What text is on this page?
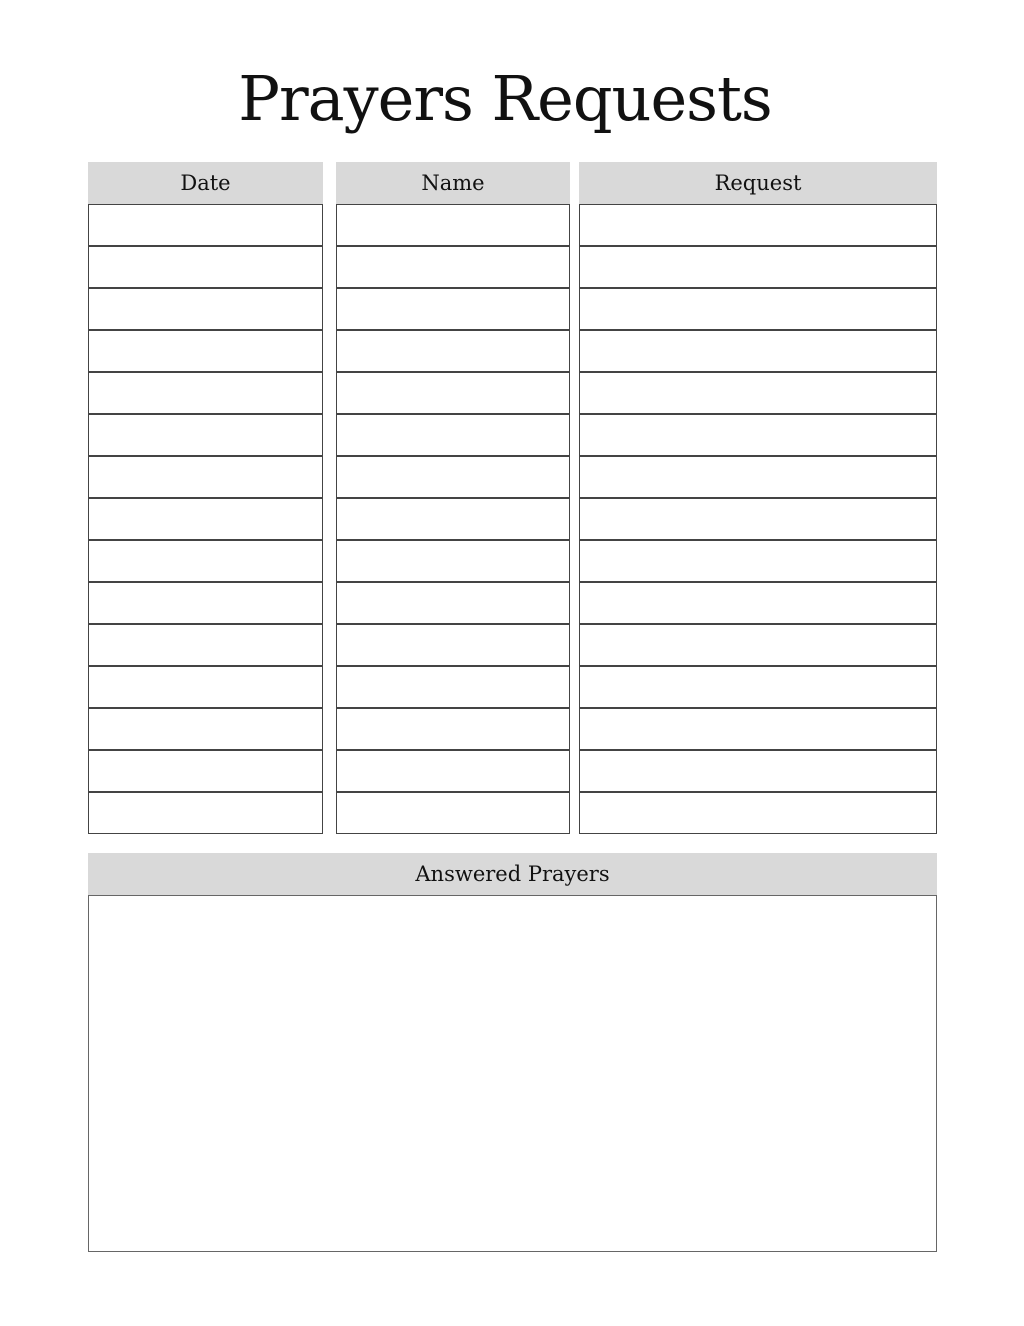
Prayers Requests
Date	Name	Request
Answered Prayers
